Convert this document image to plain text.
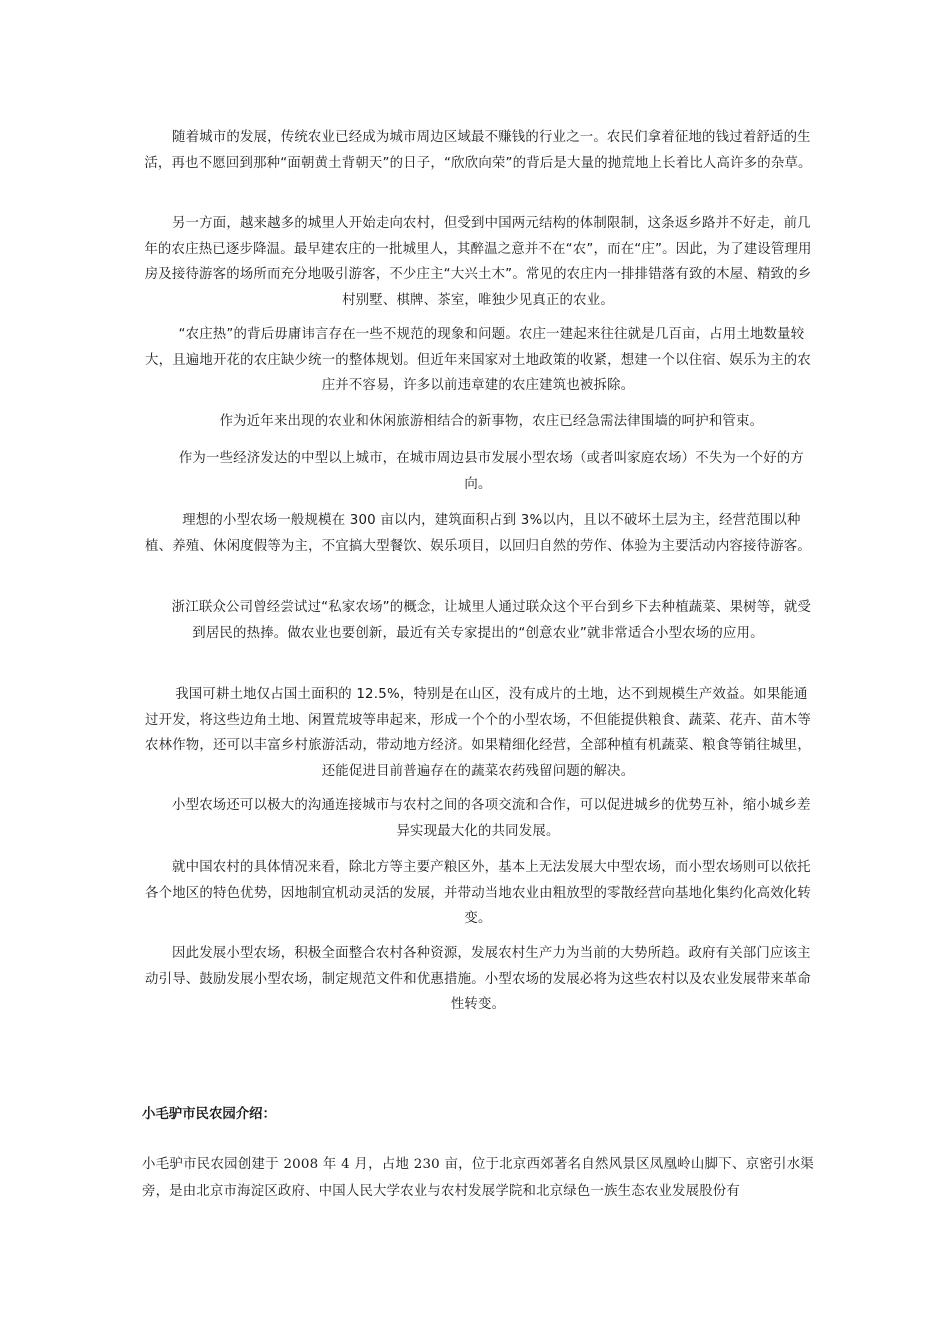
随着城市的发展，传统农业已经成为城市周边区域最不赚钱的行业之一。农民们拿着征地的钱过着舒适的生活，再也不愿回到那种“面朝黄土背朝天”的日子，“欣欣向荣”的背后是大量的抛荒地上长着比人高许多的杂草。

另一方面，越来越多的城里人开始走向农村，但受到中国两元结构的体制限制，这条返乡路并不好走，前几年的农庄热已逐步降温。最早建农庄的一批城里人，其醉温之意并不在“农”，而在“庄”。因此，为了建设管理用房及接待游客的场所而充分地吸引游客，不少庄主“大兴土木”。常见的农庄内一排排错落有致的木屋、精致的乡村别墅、棋牌、茶室，唯独少见真正的农业。

“农庄热”的背后毋庸讳言存在一些不规范的现象和问题。农庄一建起来往往就是几百亩，占用土地数量较大，且遍地开花的农庄缺少统一的整体规划。但近年来国家对土地政策的收紧，想建一个以住宿、娱乐为主的农庄并不容易，许多以前违章建的农庄建筑也被拆除。

作为近年来出现的农业和休闲旅游相结合的新事物，农庄已经急需法律围墙的呵护和管束。

作为一些经济发达的中型以上城市，在城市周边县市发展小型农场（或者叫家庭农场）不失为一个好的方向。

理想的小型农场一般规模在 300 亩以内，建筑面积占到 3%以内，且以不破坏土层为主，经营范围以种植、养殖、休闲度假等为主，不宜搞大型餐饮、娱乐项目，以回归自然的劳作、体验为主要活动内容接待游客。

浙江联众公司曾经尝试过“私家农场”的概念，让城里人通过联众这个平台到乡下去种植蔬菜、果树等，就受到居民的热捧。做农业也要创新，最近有关专家提出的“创意农业”就非常适合小型农场的应用。

我国可耕土地仅占国土面积的 12.5%，特别是在山区，没有成片的土地，达不到规模生产效益。如果能通过开发，将这些边角土地、闲置荒坡等串起来，形成一个个的小型农场，不但能提供粮食、蔬菜、花卉、苗木等农林作物，还可以丰富乡村旅游活动，带动地方经济。如果精细化经营，全部种植有机蔬菜、粮食等销往城里，还能促进目前普遍存在的蔬菜农药残留问题的解决。

小型农场还可以极大的沟通连接城市与农村之间的各项交流和合作，可以促进城乡的优势互补，缩小城乡差异实现最大化的共同发展。

就中国农村的具体情况来看，除北方等主要产粮区外，基本上无法发展大中型农场，而小型农场则可以依托各个地区的特色优势，因地制宜机动灵活的发展，并带动当地农业由粗放型的零散经营向基地化集约化高效化转变。

因此发展小型农场，积极全面整合农村各种资源，发展农村生产力为当前的大势所趋。政府有关部门应该主动引导、鼓励发展小型农场，制定规范文件和优惠措施。小型农场的发展必将为这些农村以及农业发展带来革命性转变。

小毛驴市民农园介绍：

小毛驴市民农园创建于 2008 年 4 月，占地 230 亩，位于北京西郊著名自然风景区凤凰岭山脚下、京密引水渠旁，是由北京市海淀区政府、中国人民大学农业与农村发展学院和北京绿色一族生态农业发展股份有
